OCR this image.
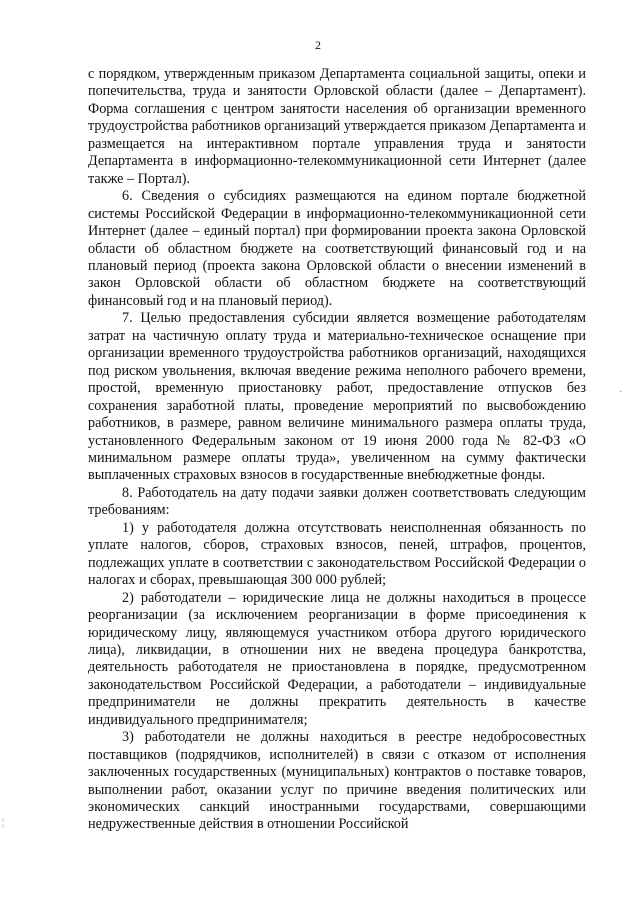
2

с порядком, утвержденным приказом Департамента социальной защиты, опеки и попечительства, труда и занятости Орловской области (далее – Департамент). Форма соглашения с центром занятости населения об организации временного трудоустройства работников организаций утверждается приказом Департамента и размещается на интерактивном портале управления труда и занятости Департамента в информационно-телекоммуникационной сети Интернет (далее также – Портал).

6. Сведения о субсидиях размещаются на едином портале бюджетной системы Российской Федерации в информационно-телекоммуникационной сети Интернет (далее – единый портал) при формировании проекта закона Орловской области об областном бюджете на соответствующий финансовый год и на плановый период (проекта закона Орловской области о внесении изменений в закон Орловской области об областном бюджете на соответствующий финансовый год и на плановый период).

7. Целью предоставления субсидии является возмещение работодателям затрат на частичную оплату труда и материально-техническое оснащение при организации временного трудоустройства работников организаций, находящихся под риском увольнения, включая введение режима неполного рабочего времени, простой, временную приостановку работ, предоставление отпусков без сохранения заработной платы, проведение мероприятий по высвобождению работников, в размере, равном величине минимального размера оплаты труда, установленного Федеральным законом от 19 июня 2000 года № 82-ФЗ «О минимальном размере оплаты труда», увеличенном на сумму фактически выплаченных страховых взносов в государственные внебюджетные фонды.

8. Работодатель на дату подачи заявки должен соответствовать следующим требованиям:

1) у работодателя должна отсутствовать неисполненная обязанность по уплате налогов, сборов, страховых взносов, пеней, штрафов, процентов, подлежащих уплате в соответствии с законодательством Российской Федерации о налогах и сборах, превышающая 300 000 рублей;

2) работодатели – юридические лица не должны находиться в процессе реорганизации (за исключением реорганизации в форме присоединения к юридическому лицу, являющемуся участником отбора другого юридического лица), ликвидации, в отношении них не введена процедура банкротства, деятельность работодателя не приостановлена в порядке, предусмотренном законодательством Российской Федерации, а работодатели – индивидуальные предприниматели не должны прекратить деятельность в качестве индивидуального предпринимателя;

3) работодатели не должны находиться в реестре недобросовестных поставщиков (подрядчиков, исполнителей) в связи с отказом от исполнения заключенных государственных (муниципальных) контрактов о поставке товаров, выполнении работ, оказании услуг по причине введения политических или экономических санкций иностранными государствами, совершающими недружественные действия в отношении Российской

·
¦
